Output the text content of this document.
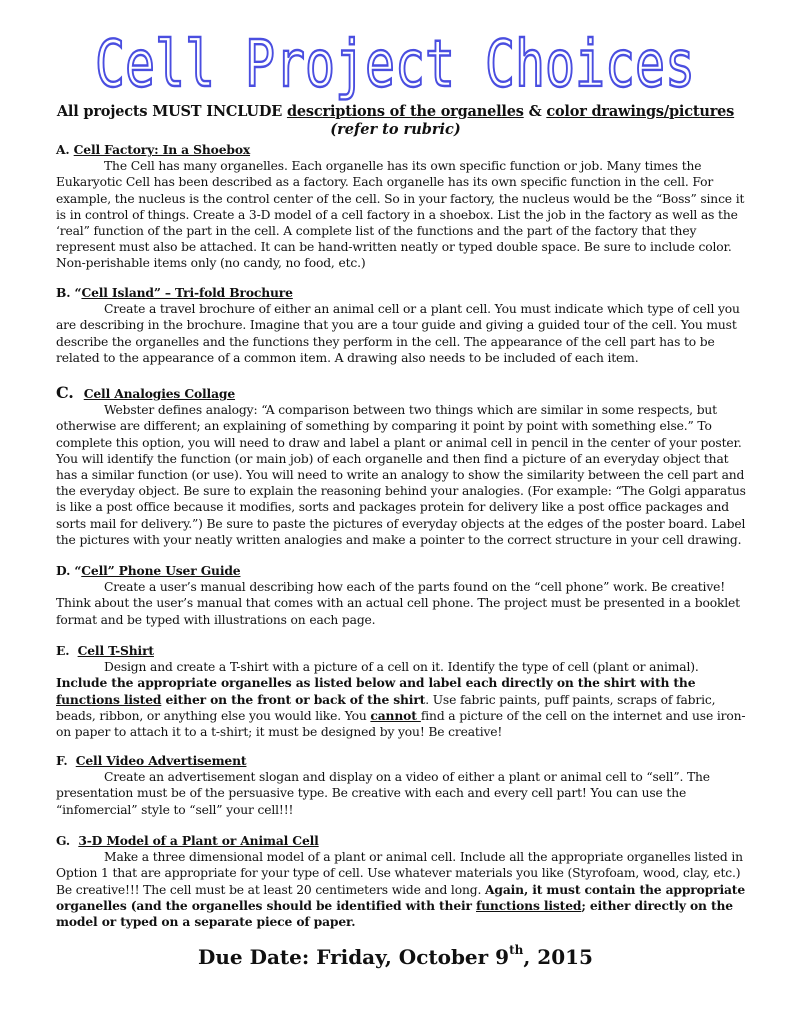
Cell Project Choices
All projects MUST INCLUDE descriptions of the organelles & color drawings/pictures
(refer to rubric)
A. Cell Factory: In a Shoebox
The Cell has many organelles. Each organelle has its own specific function or job. Many times the Eukaryotic Cell has been described as a factory. Each organelle has its own specific function in the cell. For example, the nucleus is the control center of the cell. So in your factory, the nucleus would be the “Boss” since it is in control of things. Create a 3-D model of a cell factory in a shoebox. List the job in the factory as well as the ‘real” function of the part in the cell. A complete list of the functions and the part of the factory that they represent must also be attached. It can be hand-written neatly or typed double space. Be sure to include color. Non-perishable items only (no candy, no food, etc.)
B. “Cell Island” – Tri-fold Brochure
Create a travel brochure of either an animal cell or a plant cell. You must indicate which type of cell you are describing in the brochure. Imagine that you are a tour guide and giving a guided tour of the cell. You must describe the organelles and the functions they perform in the cell. The appearance of the cell part has to be related to the appearance of a common item. A drawing also needs to be included of each item.
C. Cell Analogies Collage
Webster defines analogy: “A comparison between two things which are similar in some respects, but otherwise are different; an explaining of something by comparing it point by point with something else.” To complete this option, you will need to draw and label a plant or animal cell in pencil in the center of your poster. You will identify the function (or main job) of each organelle and then find a picture of an everyday object that has a similar function (or use). You will need to write an analogy to show the similarity between the cell part and the everyday object. Be sure to explain the reasoning behind your analogies. (For example: “The Golgi apparatus is like a post office because it modifies, sorts and packages protein for delivery like a post office packages and sorts mail for delivery.”) Be sure to paste the pictures of everyday objects at the edges of the poster board. Label the pictures with your neatly written analogies and make a pointer to the correct structure in your cell drawing.
D. “Cell” Phone User Guide
Create a user’s manual describing how each of the parts found on the “cell phone” work. Be creative! Think about the user’s manual that comes with an actual cell phone. The project must be presented in a booklet format and be typed with illustrations on each page.
E. Cell T-Shirt
Design and create a T-shirt with a picture of a cell on it. Identify the type of cell (plant or animal). Include the appropriate organelles as listed below and label each directly on the shirt with the functions listed either on the front or back of the shirt. Use fabric paints, puff paints, scraps of fabric, beads, ribbon, or anything else you would like. You cannot find a picture of the cell on the internet and use iron-on paper to attach it to a t-shirt; it must be designed by you! Be creative!
F. Cell Video Advertisement
Create an advertisement slogan and display on a video of either a plant or animal cell to “sell”. The presentation must be of the persuasive type. Be creative with each and every cell part! You can use the “infomercial” style to “sell” your cell!!!
G. 3-D Model of a Plant or Animal Cell
Make a three dimensional model of a plant or animal cell. Include all the appropriate organelles listed in Option 1 that are appropriate for your type of cell. Use whatever materials you like (Styrofoam, wood, clay, etc.) Be creative!!! The cell must be at least 20 centimeters wide and long. Again, it must contain the appropriate organelles (and the organelles should be identified with their functions listed; either directly on the model or typed on a separate piece of paper.
Due Date: Friday, October 9th, 2015
